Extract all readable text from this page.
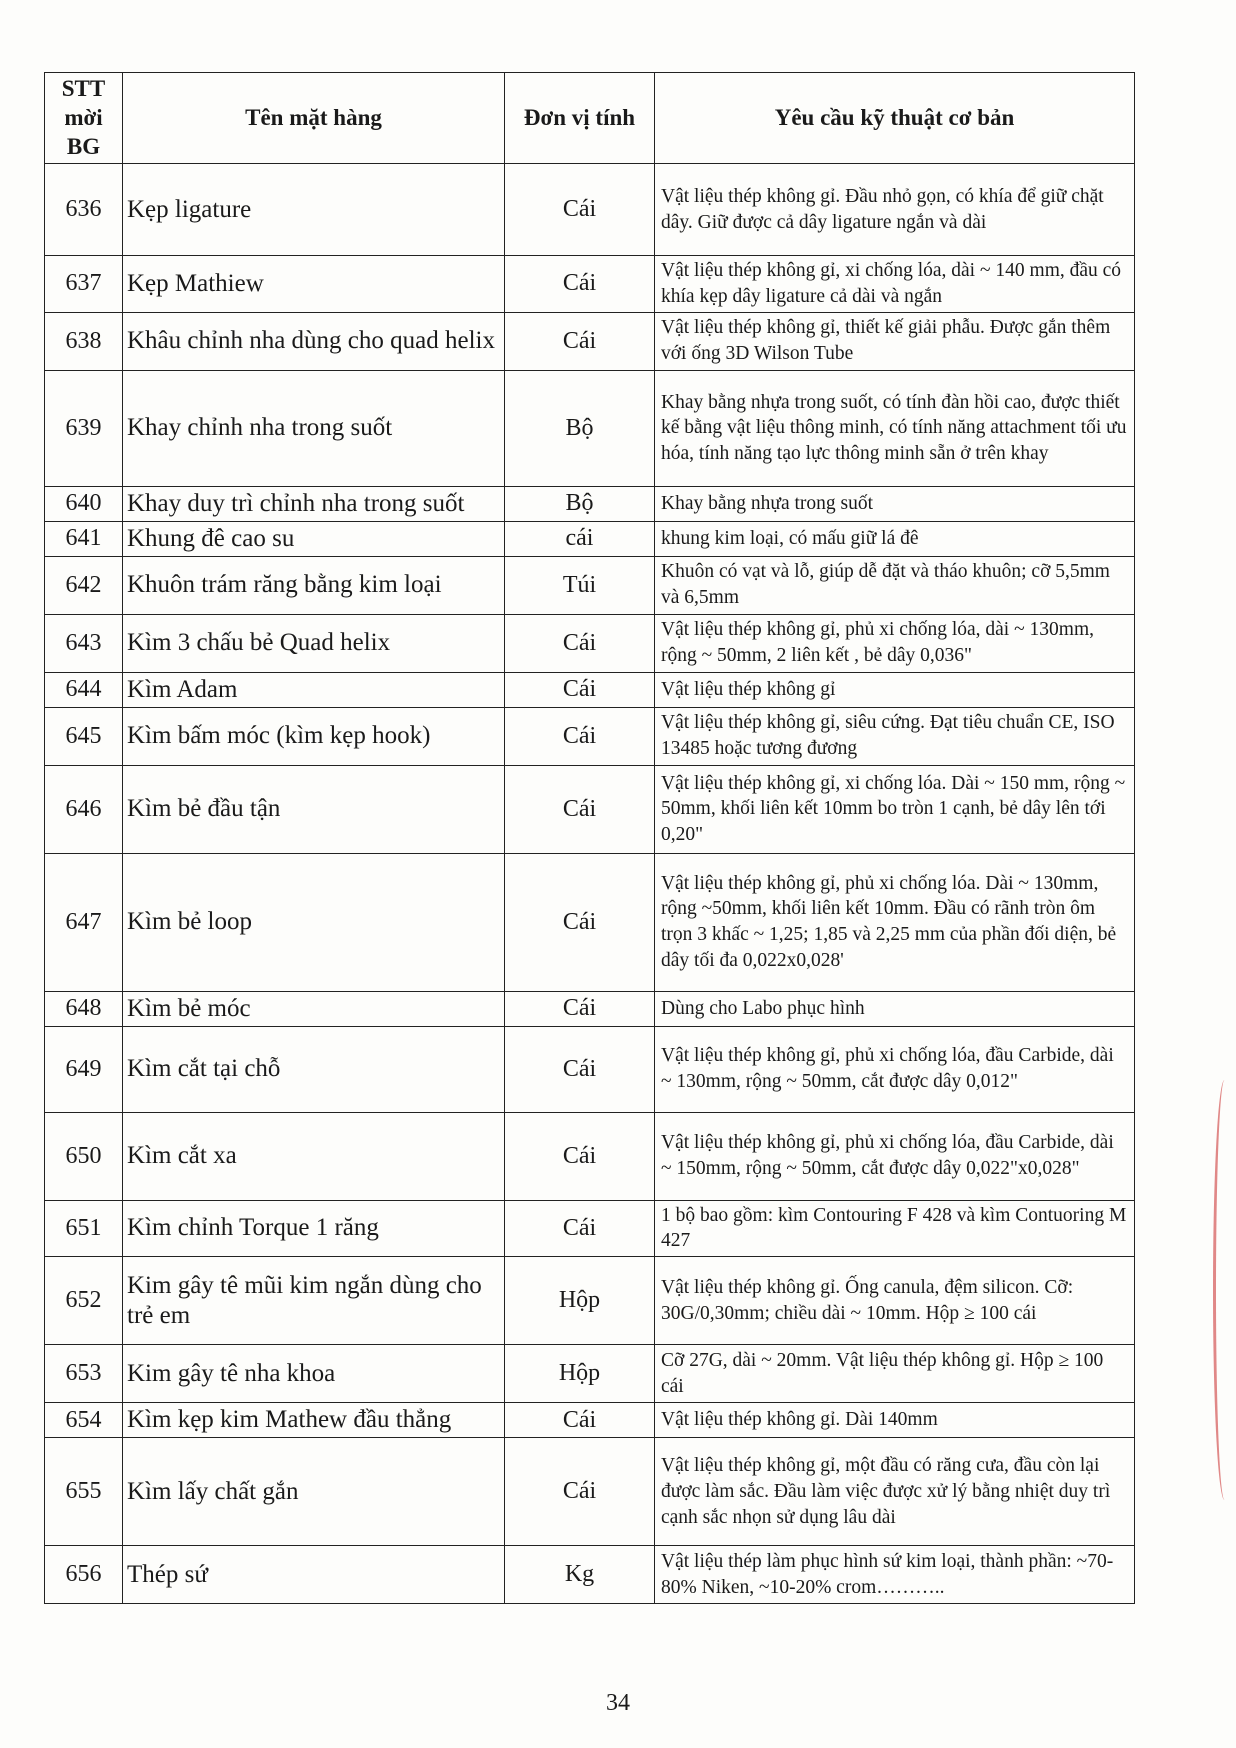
STT mời BG	Tên mặt hàng	Đơn vị tính	Yêu cầu kỹ thuật cơ bản
636	Kẹp ligature	Cái	Vật liệu thép không gỉ. Đầu nhỏ gọn, có khía để giữ chặt dây. Giữ được cả dây ligature ngắn và dài
637	Kẹp Mathiew	Cái	Vật liệu thép không gỉ, xi chống lóa, dài ~ 140 mm, đầu có khía kẹp dây ligature cả dài và ngắn
638	Khâu chỉnh nha dùng cho quad helix	Cái	Vật liệu thép không gỉ, thiết kế giải phẫu. Được gắn thêm với ống 3D Wilson Tube
639	Khay chỉnh nha trong suốt	Bộ	Khay bằng nhựa trong suốt, có tính đàn hồi cao, được thiết kế bằng vật liệu thông minh, có tính năng attachment tối ưu hóa, tính năng tạo lực thông minh sẵn ở trên khay
640	Khay duy trì chỉnh nha trong suốt	Bộ	Khay bằng nhựa trong suốt
641	Khung đê cao su	cái	khung kim loại, có mấu giữ lá đê
642	Khuôn trám răng bằng kim loại	Túi	Khuôn có vạt và lỗ, giúp dễ đặt và tháo khuôn; cỡ 5,5mm và 6,5mm
643	Kìm 3 chấu bẻ Quad helix	Cái	Vật liệu thép không gỉ, phủ xi chống lóa, dài ~ 130mm, rộng ~ 50mm, 2 liên kết , bẻ dây 0,036"
644	Kìm Adam	Cái	Vật liệu thép không gỉ
645	Kìm bấm móc (kìm kẹp hook)	Cái	Vật liệu thép không gỉ, siêu cứng. Đạt tiêu chuẩn CE, ISO 13485 hoặc tương đương
646	Kìm bẻ đầu tận	Cái	Vật liệu thép không gỉ, xi chống lóa. Dài ~ 150 mm, rộng ~ 50mm, khối liên kết 10mm bo tròn 1 cạnh, bẻ dây lên tới 0,20"
647	Kìm bẻ loop	Cái	Vật liệu thép không gỉ, phủ xi chống lóa. Dài ~ 130mm, rộng ~50mm, khối liên kết 10mm. Đầu có rãnh tròn ôm trọn 3 khấc ~ 1,25; 1,85 và 2,25 mm của phần đối diện, bẻ dây tối đa 0,022x0,028'
648	Kìm bẻ móc	Cái	Dùng cho Labo phục hình
649	Kìm cắt tại chỗ	Cái	Vật liệu thép không gỉ, phủ xi chống lóa, đầu Carbide, dài ~ 130mm, rộng ~ 50mm, cắt được dây 0,012"
650	Kìm cắt xa	Cái	Vật liệu thép không gỉ, phủ xi chống lóa, đầu Carbide, dài ~ 150mm, rộng ~ 50mm, cắt được dây 0,022"x0,028"
651	Kìm chỉnh Torque 1 răng	Cái	1 bộ bao gồm: kìm Contouring F 428 và kìm Contuoring M 427
652	Kim gây tê mũi kim ngắn dùng cho trẻ em	Hộp	Vật liệu thép không gỉ. Ống canula, đệm silicon. Cỡ: 30G/0,30mm; chiều dài ~ 10mm. Hộp ≥ 100 cái
653	Kim gây tê nha khoa	Hộp	Cỡ 27G, dài ~ 20mm. Vật liệu thép không gỉ. Hộp ≥ 100 cái
654	Kìm kẹp kim Mathew đầu thẳng	Cái	Vật liệu thép không gỉ. Dài 140mm
655	Kìm lấy chất gắn	Cái	Vật liệu thép không gỉ, một đầu có răng cưa, đầu còn lại được làm sắc. Đầu làm việc được xử lý bằng nhiệt duy trì cạnh sắc nhọn sử dụng lâu dài
656	Thép sứ	Kg	Vật liệu thép làm phục hình sứ kim loại, thành phần: ~70-80% Niken, ~10-20% crom………..
34
